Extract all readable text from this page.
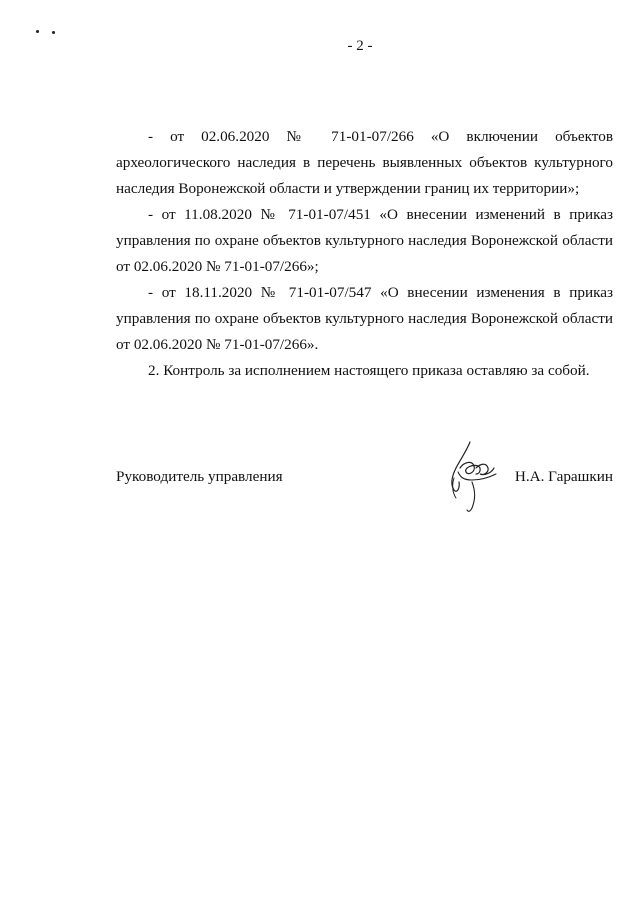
- 2 -

- от 02.06.2020 № 71-01-07/266 «О включении объектов археологического наследия в перечень выявленных объектов культурного наследия Воронежской области и утверждении границ их территории»;

- от 11.08.2020 № 71-01-07/451 «О внесении изменений в приказ управления по охране объектов культурного наследия Воронежской области от 02.06.2020 № 71-01-07/266»;

- от 18.11.2020 № 71-01-07/547 «О внесении изменения в приказ управления по охране объектов культурного наследия Воронежской области от 02.06.2020 № 71-01-07/266».

2. Контроль за исполнением настоящего приказа оставляю за собой.

Руководитель управления	Н.А. Гарашкин
